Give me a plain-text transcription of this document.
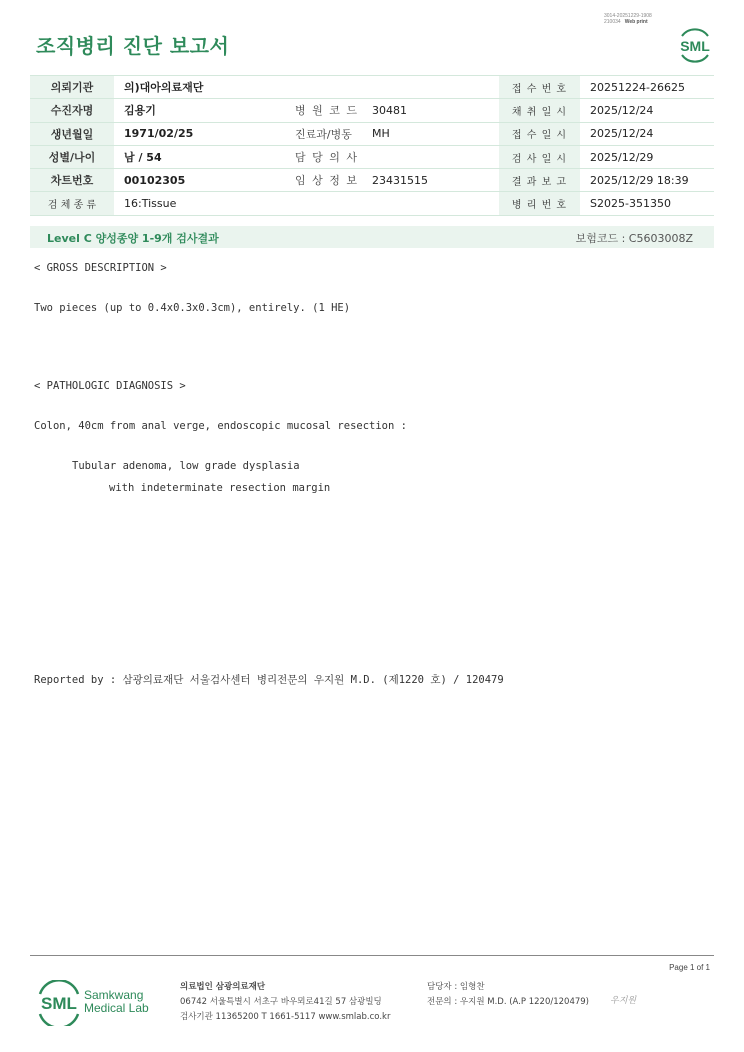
3014-20251229-1908
210034 Web print
조직병리 진단 보고서	SML
의뢰기관	의)대아의료재단			접 수 번 호	20251224-26625
수진자명	김용기	병 원 코 드	30481	채 취 일 시	2025/12/24
생년월일	1971/02/25	진료과/병동	MH	접 수 일 시	2025/12/24
성별/나이	남 / 54	담 당 의 사		검 사 일 시	2025/12/29
차트번호	00102305	임 상 정 보	23431515	결 과 보 고	2025/12/29 18:39
검 체 종 류	16:Tissue			병 리 번 호	S2025-351350
Level C 양성종양 1-9개 검사결과	보험코드 : C5603008Z
< GROSS DESCRIPTION >
Two pieces (up to 0.4x0.3x0.3cm), entirely. (1 HE)
< PATHOLOGIC DIAGNOSIS >
Colon, 40cm from anal verge, endoscopic mucosal resection :
Tubular adenoma, low grade dysplasia
with indeterminate resection margin
Reported by : 삼광의료재단 서울검사센터 병리전문의 우지원 M.D. (제1220 호) / 120479
Page 1 of 1
SML Samkwang
Medical Lab
의료법인 삼광의료재단
06742 서울특별시 서초구 바우뫼로41길 57 삼광빌딩
검사기관 11365200 T 1661-5117 www.smlab.co.kr
담당자 : 임형찬
전문의 : 우지원 M.D. (A.P 1220/120479) 우지원
